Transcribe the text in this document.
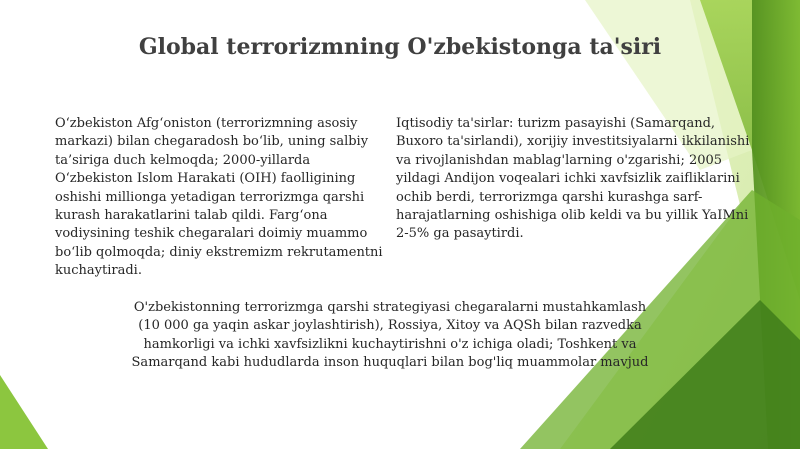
Global terrorizmning O'zbekistonga ta'siri

O‘zbekiston Afg‘oniston (terrorizmning asosiy markazi) bilan chegaradosh bo‘lib, uning salbiy ta’siriga duch kelmoqda; 2000-yillarda O‘zbekiston Islom Harakati (OIH) faolligining oshishi millionga yetadigan terrorizmga qarshi kurash harakatlarini talab qildi. Farg‘ona vodiysining teshik chegaralari doimiy muammo bo‘lib qolmoqda; diniy ekstremizm rekrutamentni kuchaytiradi.

Iqtisodiy ta'sirlar: turizm pasayishi (Samarqand, Buxoro ta'sirlandi), xorijiy investitsiyalarni ikkilanishi va rivojlanishdan mablag'larning o'zgarishi; 2005 yildagi Andijon voqealari ichki xavfsizlik zaifliklarini ochib berdi, terrorizmga qarshi kurashga sarf-harajatlarning oshishiga olib keldi va bu yillik YaIMni 2-5% ga pasaytirdi.

O'zbekistonning terrorizmga qarshi strategiyasi chegaralarni mustahkamlash (10 000 ga yaqin askar joylashtirish), Rossiya, Xitoy va AQSh bilan razvedka hamkorligi va ichki xavfsizlikni kuchaytirishni o'z ichiga oladi; Toshkent va Samarqand kabi hududlarda inson huquqlari bilan bog'liq muammolar mavjud
